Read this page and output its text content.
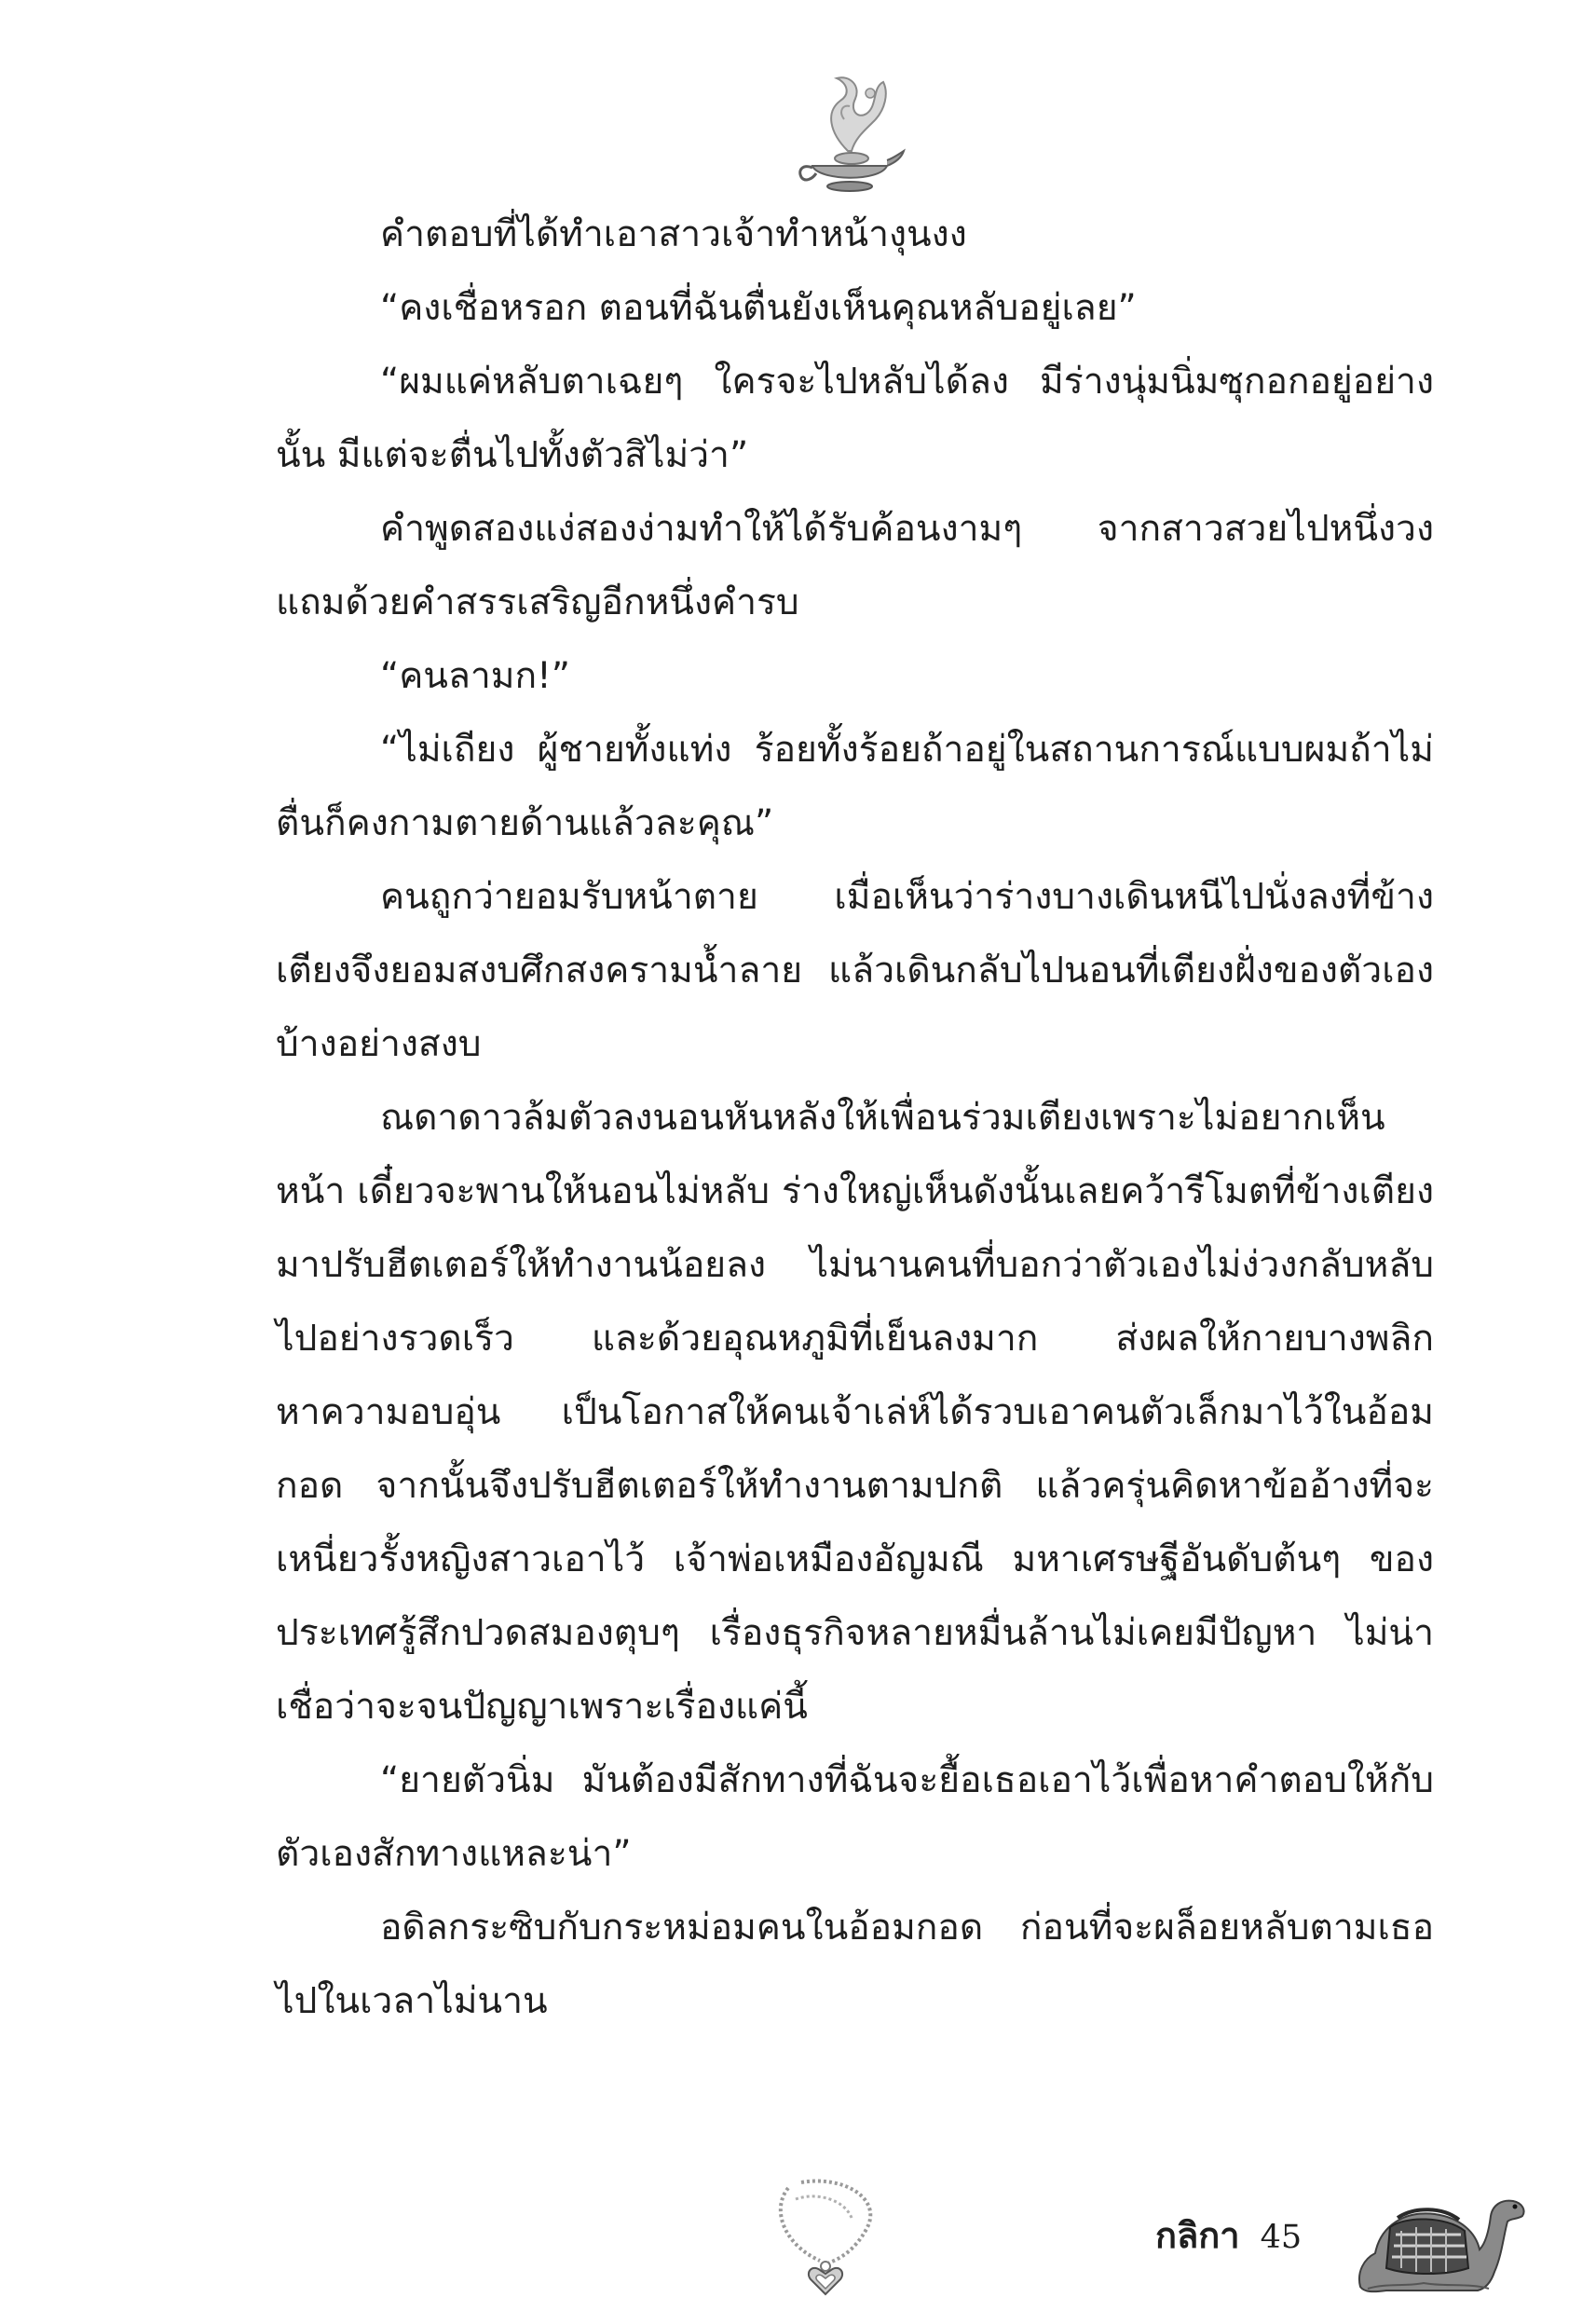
คำตอบที่ได้ทำเอาสาวเจ้าทำหน้างุนงง

“คงเชื่อหรอก ตอนที่ฉันตื่นยังเห็นคุณหลับอยู่เลย”

“ผมแค่หลับตาเฉยๆ ใครจะไปหลับได้ลง มีร่างนุ่มนิ่มซุกอกอยู่อย่างนั้น มีแต่จะตื่นไปทั้งตัวสิไม่ว่า”

คำพูดสองแง่สองง่ามทำให้ได้รับค้อนงามๆ จากสาวสวยไปหนึ่งวงแถมด้วยคำสรรเสริญอีกหนึ่งคำรบ

“คนลามก!”

“ไม่เถียง ผู้ชายทั้งแท่ง ร้อยทั้งร้อยถ้าอยู่ในสถานการณ์แบบผมถ้าไม่ตื่นก็คงกามตายด้านแล้วละคุณ”

คนถูกว่ายอมรับหน้าตาย เมื่อเห็นว่าร่างบางเดินหนีไปนั่งลงที่ข้างเตียงจึงยอมสงบศึกสงครามน้ำลาย แล้วเดินกลับไปนอนที่เตียงฝั่งของตัวเองบ้างอย่างสงบ

ณดาดาวล้มตัวลงนอนหันหลังให้เพื่อนร่วมเตียงเพราะไม่อยากเห็นหน้า เดี๋ยวจะพานให้นอนไม่หลับ ร่างใหญ่เห็นดังนั้นเลยคว้ารีโมตที่ข้างเตียงมาปรับฮีตเตอร์ให้ทำงานน้อยลง ไม่นานคนที่บอกว่าตัวเองไม่ง่วงกลับหลับไปอย่างรวดเร็ว และด้วยอุณหภูมิที่เย็นลงมาก ส่งผลให้กายบางพลิกหาความอบอุ่น เป็นโอกาสให้คนเจ้าเล่ห์ได้รวบเอาคนตัวเล็กมาไว้ในอ้อมกอด จากนั้นจึงปรับฮีตเตอร์ให้ทำงานตามปกติ แล้วครุ่นคิดหาข้ออ้างที่จะเหนี่ยวรั้งหญิงสาวเอาไว้ เจ้าพ่อเหมืองอัญมณี มหาเศรษฐีอันดับต้นๆ ของประเทศรู้สึกปวดสมองตุบๆ เรื่องธุรกิจหลายหมื่นล้านไม่เคยมีปัญหา ไม่น่าเชื่อว่าจะจนปัญญาเพราะเรื่องแค่นี้

“ยายตัวนิ่ม มันต้องมีสักทางที่ฉันจะยื้อเธอเอาไว้เพื่อหาคำตอบให้กับตัวเองสักทางแหละน่า”

อดิลกระซิบกับกระหม่อมคนในอ้อมกอด ก่อนที่จะผล็อยหลับตามเธอไปในเวลาไม่นาน

กลิกา 45
